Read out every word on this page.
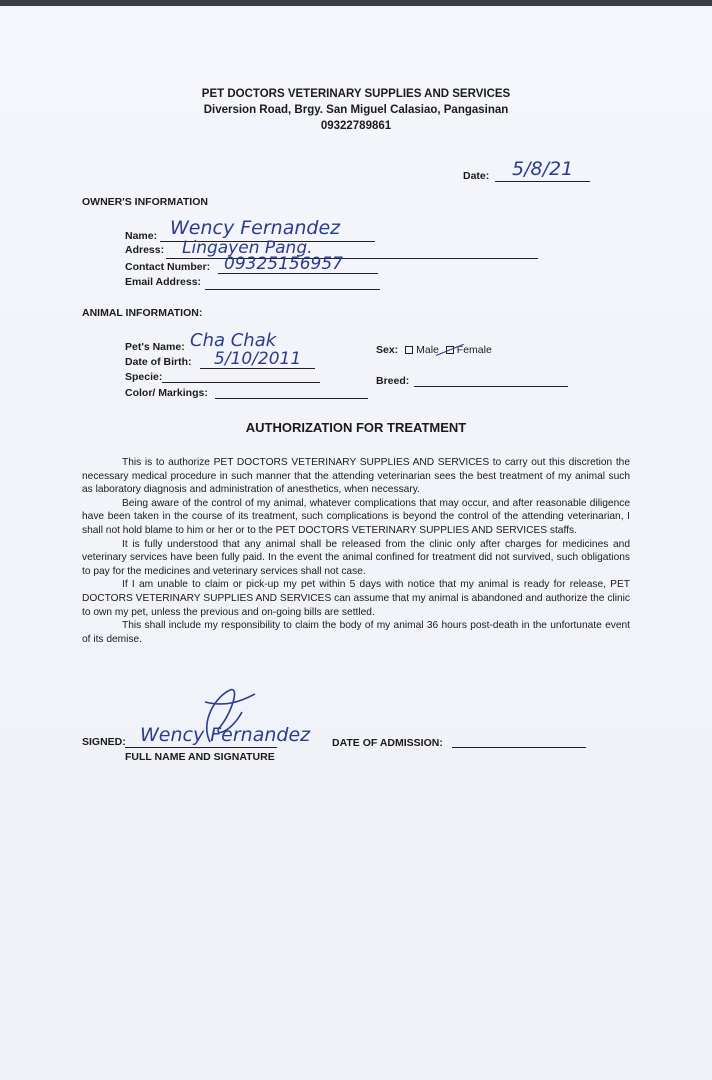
PET DOCTORS VETERINARY SUPPLIES AND SERVICES
Diversion Road, Brgy. San Miguel Calasiao, Pangasinan
09322789861
Date: 5/8/21
OWNER'S INFORMATION
Name: Wency Fernandez
Adress: Lingayen Pang.
Contact Number: 09325156957
Email Address:
ANIMAL INFORMATION:
Pet's Name: Cha Chak
Date of Birth: 5/10/2011
Specie:
Color/ Markings:
Sex: Male Female
Breed:
AUTHORIZATION FOR TREATMENT

This is to authorize PET DOCTORS VETERINARY SUPPLIES AND SERVICES to carry out this discretion the necessary medical procedure in such manner that the attending veterinarian sees the best treatment of my animal such as laboratory diagnosis and administration of anesthetics, when necessary.

Being aware of the control of my animal, whatever complications that may occur, and after reasonable diligence have been taken in the course of its treatment, such complications is beyond the control of the attending veterinarian, I shall not hold blame to him or her or to the PET DOCTORS VETERINARY SUPPLIES AND SERVICES staffs.

It is fully understood that any animal shall be released from the clinic only after charges for medicines and veterinary services have been fully paid. In the event the animal confined for treatment did not survived, such obligations to pay for the medicines and veterinary services shall not case.

If I am unable to claim or pick-up my pet within 5 days with notice that my animal is ready for release, PET DOCTORS VETERINARY SUPPLIES AND SERVICES can assume that my animal is abandoned and authorize the clinic to own my pet, unless the previous and on-going bills are settled.

This shall include my responsibility to claim the body of my animal 36 hours post-death in the unfortunate event of its demise.

SIGNED: Wency Fernandez
FULL NAME AND SIGNATURE
DATE OF ADMISSION:
